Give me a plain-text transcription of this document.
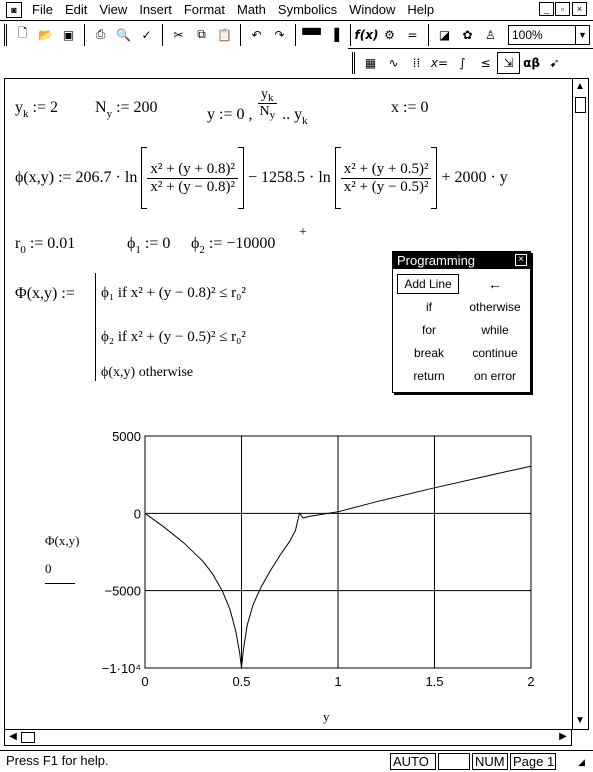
◙	File Edit View Insert Format Math Symbolics Window Help	_	▫	×
🗋 📂 ▣	⎙ 🔍 ✓	✂	⧉ 📋	↶	↷	▀▀ ▐	f(x) ⚙	=	◪	✿	♙	100%	▼
▦	∿	⁞⁞ x= ∫	≤	⇲ αβ ➹
$y_k$ := 2 $N_y$ := 200	y := 0 , $\frac{y_k}{N_y}$ .. $y_k$
x := 0
ϕ(x,y) := $206.7 \cdot \ln \frac{\text{x² + (y + 0.8)²}}{\text{x² + (y − 0.8)²}} - 1258.5 \cdot \ln \frac{\text{x² + (y + 0.5)²}}{\text{x² + (y − 0.5)²}} + 2000 \cdot y$
$r_0$ := 0.01	$\phi_1$ := 0 $\phi_2$ := −10000
+
Φ(x,y) := ϕ₁ if x² + (y − 0.8)² ≤ r₀²
ϕ₂ if x² + (y − 0.5)² ≤ r₀²
ϕ(x,y) otherwise
Φ(x,y)
0
0	0.5	1	1.5	2
5000
0
−5000
−1·10⁴
y
▲
▼
◀	▶
Programming	×
Add Line	←
if	otherwise
for	while
break	continue
return	on error
Press F1 for help.	AUTO	NUM Page 1	◢
